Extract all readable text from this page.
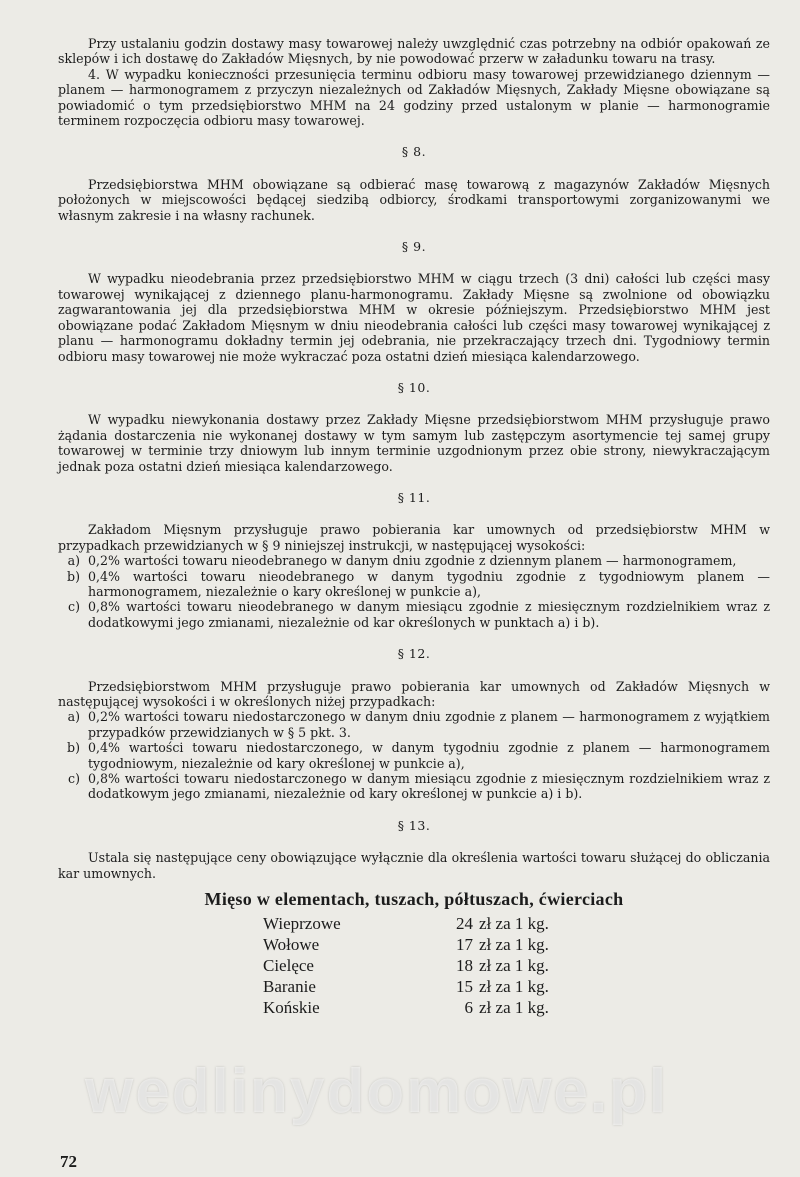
Przy ustalaniu godzin dostawy masy towarowej należy uwzględnić czas potrzebny na odbiór opakowań ze sklepów i ich dostawę do Zakładów Mięsnych, by nie powodować przerw w załadunku towaru na trasy.

4. W wypadku konieczności przesunięcia terminu odbioru masy towarowej przewidzianego dziennym — planem — harmonogramem z przyczyn niezależnych od Zakładów Mięsnych, Zakłady Mięsne obowiązane są powiadomić o tym przedsiębiorstwo MHM na 24 godziny przed ustalonym w planie — harmonogramie terminem rozpoczęcia odbioru masy towarowej.

§ 8.

Przedsiębiorstwa MHM obowiązane są odbierać masę towarową z magazynów Zakładów Mięsnych położonych w miejscowości będącej siedzibą odbiorcy, środkami transportowymi zorganizowanymi we własnym zakresie i na własny rachunek.

§ 9.

W wypadku nieodebrania przez przedsiębiorstwo MHM w ciągu trzech (3 dni) całości lub części masy towarowej wynikającej z dziennego planu-harmonogramu. Zakłady Mięsne są zwolnione od obowiązku zagwarantowania jej dla przedsiębiorstwa MHM w okresie późniejszym. Przedsiębiorstwo MHM jest obowiązane podać Zakładom Mięsnym w dniu nieodebrania całości lub części masy towarowej wynikającej z planu — harmonogramu dokładny termin jej odebrania, nie przekraczający trzech dni. Tygodniowy termin odbioru masy towarowej nie może wykraczać poza ostatni dzień miesiąca kalendarzowego.

§ 10.

W wypadku niewykonania dostawy przez Zakłady Mięsne przedsiębiorstwom MHM przysługuje prawo żądania dostarczenia nie wykonanej dostawy w tym samym lub zastępczym asortymencie tej samej grupy towarowej w terminie trzy dniowym lub innym terminie uzgodnionym przez obie strony, niewykraczającym jednak poza ostatni dzień miesiąca kalendarzowego.

§ 11.

Zakładom Mięsnym przysługuje prawo pobierania kar umownych od przedsiębiorstw MHM w przypadkach przewidzianych w § 9 niniejszej instrukcji, w następującej wysokości:

a) 0,2% wartości towaru nieodebranego w danym dniu zgodnie z dziennym planem — harmonogramem,
b) 0,4% wartości towaru nieodebranego w danym tygodniu zgodnie z tygodniowym planem — harmonogramem, niezależnie o kary określonej w punkcie a),
c) 0,8% wartości towaru nieodebranego w danym miesiącu zgodnie z miesięcznym rozdzielnikiem wraz z dodatkowymi jego zmianami, niezależnie od kar określonych w punktach a) i b).
§ 12.

Przedsiębiorstwom MHM przysługuje prawo pobierania kar umownych od Zakładów Mięsnych w następującej wysokości i w określonych niżej przypadkach:

a) 0,2% wartości towaru niedostarczonego w danym dniu zgodnie z planem — harmonogramem z wyjątkiem przypadków przewidzianych w § 5 pkt. 3.
b) 0,4% wartości towaru niedostarczonego, w danym tygodniu zgodnie z planem — harmonogramem tygodniowym, niezależnie od kary określonej w punkcie a),
c) 0,8% wartości towaru niedostarczonego w danym miesiącu zgodnie z miesięcznym rozdzielnikiem wraz z dodatkowym jego zmianami, niezależnie od kary określonej w punkcie a) i b).
§ 13.

Ustala się następujące ceny obowiązujące wyłącznie dla określenia wartości towaru służącej do obliczania kar umownych.

Mięso w elementach, tuszach, półtuszach, ćwierciach
Wieprzowe	24	zł za 1 kg.
Wołowe	17	zł za 1 kg.
Cielęce	18	zł za 1 kg.
Baranie	15	zł za 1 kg.
Końskie	6	zł za 1 kg.
wedlinydomowe.pl
72
